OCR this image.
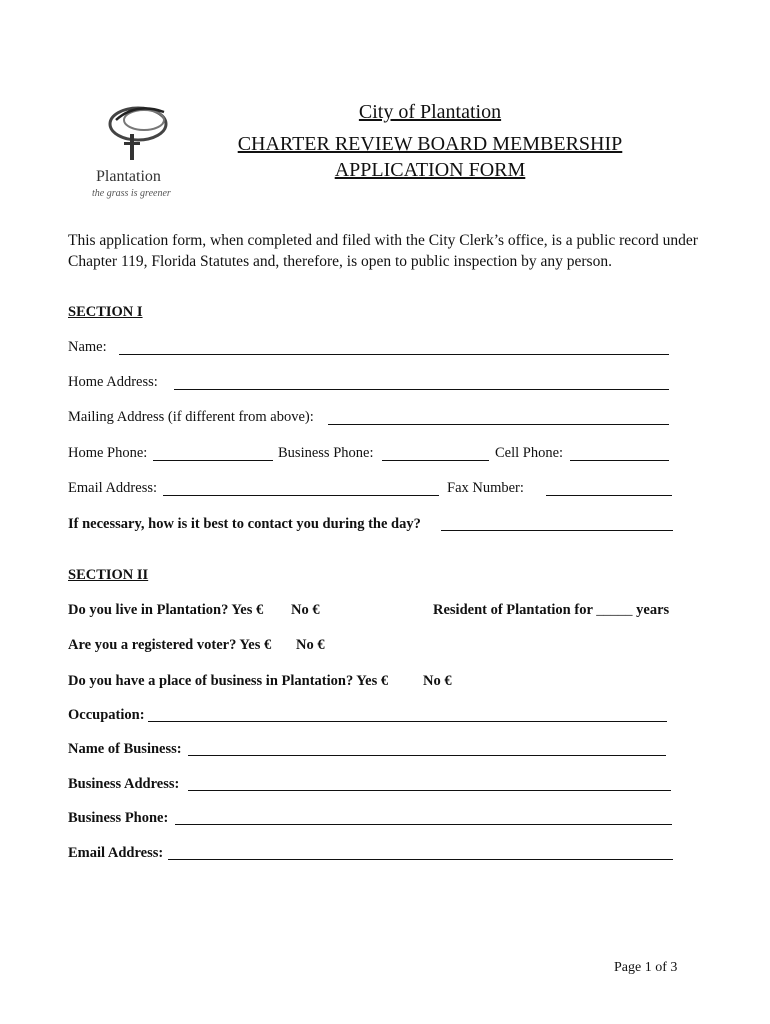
Plantation
the grass is greener
City of Plantation
CHARTER REVIEW BOARD MEMBERSHIP
APPLICATION FORM
This application form, when completed and filed with the City Clerk’s office, is a public record under Chapter 119, Florida Statutes and, therefore, is open to public inspection by any person.
SECTION I
Name:
Home Address:
Mailing Address (if different from above):
Home Phone:	Business Phone:	Cell Phone:
Email Address:	Fax Number:
If necessary, how is it best to contact you during the day?
SECTION II
Do you live in Plantation? Yes € No €	Resident of Plantation for _____ years
Are you a registered voter? Yes € No €
Do you have a place of business in Plantation? Yes € No €
Occupation:
Name of Business:
Business Address:
Business Phone:
Email Address:
Page 1 of 3
